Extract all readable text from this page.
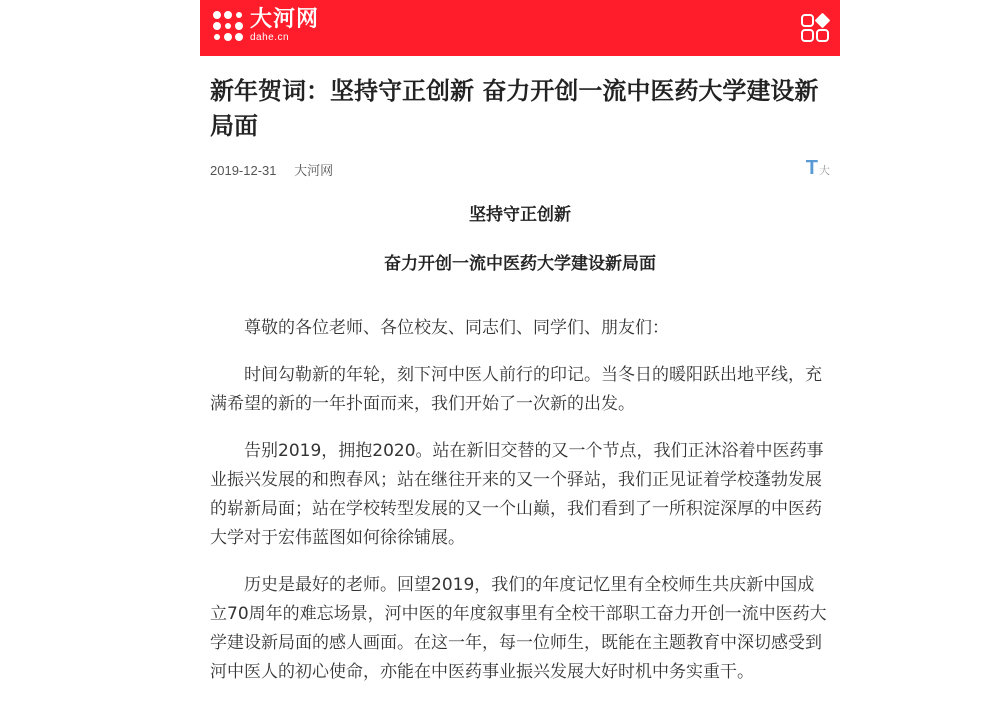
大河网
dahe.cn
新年贺词：坚持守正创新 奋力开创一流中医药大学建设新局面
2019-12-31 大河网	T大
坚持守正创新
奋力开创一流中医药大学建设新局面

尊敬的各位老师、各位校友、同志们、同学们、朋友们：

时间勾勒新的年轮，刻下河中医人前行的印记。当冬日的暖阳跃出地平线，充满希望的新的一年扑面而来，我们开始了一次新的出发。

告别2019，拥抱2020。站在新旧交替的又一个节点，我们正沐浴着中医药事业振兴发展的和煦春风；站在继往开来的又一个驿站，我们正见证着学校蓬勃发展的崭新局面；站在学校转型发展的又一个山巅，我们看到了一所积淀深厚的中医药大学对于宏伟蓝图如何徐徐铺展。

历史是最好的老师。回望2019，我们的年度记忆里有全校师生共庆新中国成立70周年的难忘场景，河中医的年度叙事里有全校干部职工奋力开创一流中医药大学建设新局面的感人画面。在这一年，每一位师生，既能在主题教育中深切感受到河中医人的初心使命，亦能在中医药事业振兴发展大好时机中务实重干。
